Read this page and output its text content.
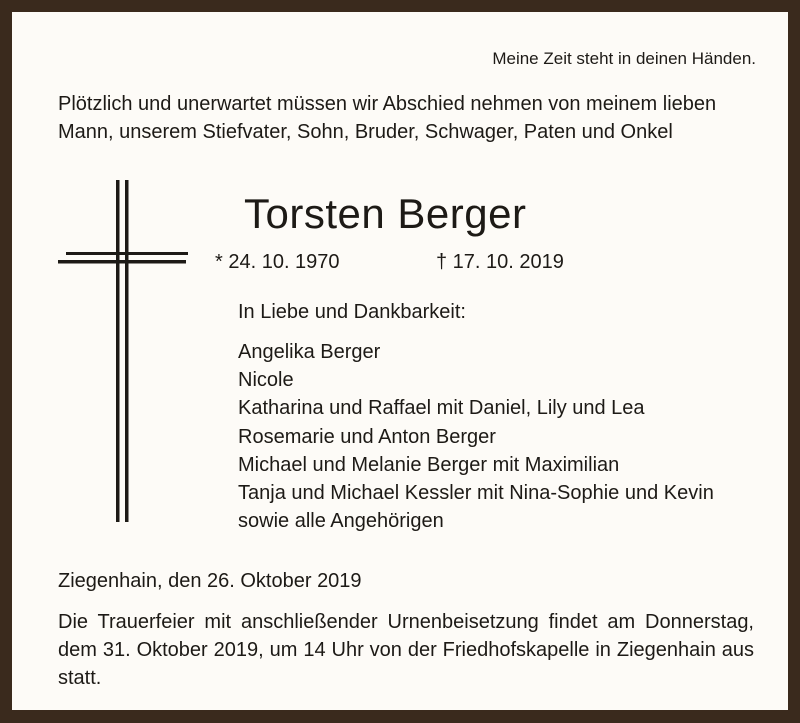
Meine Zeit steht in deinen Händen.
Plötzlich und unerwartet müssen wir Abschied nehmen von meinem lieben Mann, unserem Stiefvater, Sohn, Bruder, Schwager, Paten und Onkel
Torsten Berger
* 24. 10. 1970	† 17. 10. 2019
In Liebe und Dankbarkeit:
Angelika Berger
Nicole
Katharina und Raffael mit Daniel, Lily und Lea
Rosemarie und Anton Berger
Michael und Melanie Berger mit Maximilian
Tanja und Michael Kessler mit Nina-Sophie und Kevin
sowie alle Angehörigen
Ziegenhain, den 26. Oktober 2019
Die Trauerfeier mit anschließender Urnenbeisetzung findet am Donnerstag, dem 31. Oktober 2019, um 14 Uhr von der Friedhofskapelle in Ziegenhain aus statt.
